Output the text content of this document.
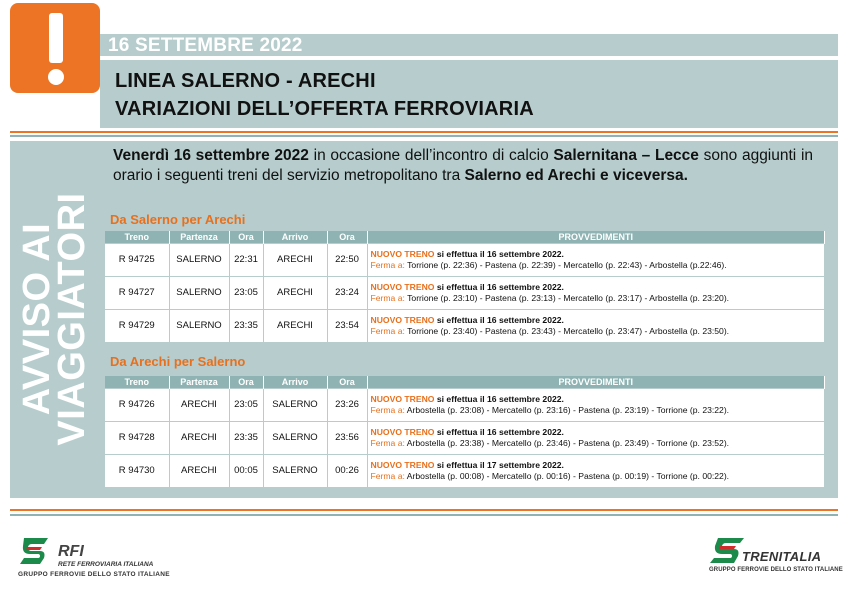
16 SETTEMBRE 2022
LINEA SALERNO - ARECHI
VARIAZIONI DELL’OFFERTA FERROVIARIA
AVVISO AI
VIAGGIATORI
Venerdì 16 settembre 2022 in occasione dell’incontro di calcio Salernitana – Lecce sono aggiunti in orario i seguenti treni del servizio metropolitano tra Salerno ed Arechi e viceversa.
Da Salerno per Arechi
Treno	Partenza	Ora	Arrivo	Ora	PROVVEDIMENTI
R 94725	SALERNO	22:31	ARECHI	22:50	NUOVO TRENO si effettua il 16 settembre 2022.
Ferma a: Torrione (p. 22:36) - Pastena (p. 22:39) - Mercatello (p. 22:43) - Arbostella (p.22:46).
R 94727	SALERNO	23:05	ARECHI	23:24	NUOVO TRENO si effettua il 16 settembre 2022.
Ferma a: Torrione (p. 23:10) - Pastena (p. 23:13) - Mercatello (p. 23:17) - Arbostella (p. 23:20).
R 94729	SALERNO	23:35	ARECHI	23:54	NUOVO TRENO si effettua il 16 settembre 2022.
Ferma a: Torrione (p. 23:40) - Pastena (p. 23:43) - Mercatello (p. 23:47) - Arbostella (p. 23:50).
Da Arechi per Salerno
Treno	Partenza	Ora	Arrivo	Ora	PROVVEDIMENTI
R 94726	ARECHI	23:05	SALERNO	23:26	NUOVO TRENO si effettua il 16 settembre 2022.
Ferma a: Arbostella (p. 23:08) - Mercatello (p. 23:16) - Pastena (p. 23:19) - Torrione (p. 23:22).
R 94728	ARECHI	23:35	SALERNO	23:56	NUOVO TRENO si effettua il 16 settembre 2022.
Ferma a: Arbostella (p. 23:38) - Mercatello (p. 23:46) - Pastena (p. 23:49) - Torrione (p. 23:52).
R 94730	ARECHI	00:05	SALERNO	00:26	NUOVO TRENO si effettua il 17 settembre 2022.
Ferma a: Arbostella (p. 00:08) - Mercatello (p. 00:16) - Pastena (p. 00:19) - Torrione (p. 00:22).
RFI
RETE FERROVIARIA ITALIANA
GRUPPO FERROVIE DELLO STATO ITALIANE
TRENITALIA
GRUPPO FERROVIE DELLO STATO ITALIANE
